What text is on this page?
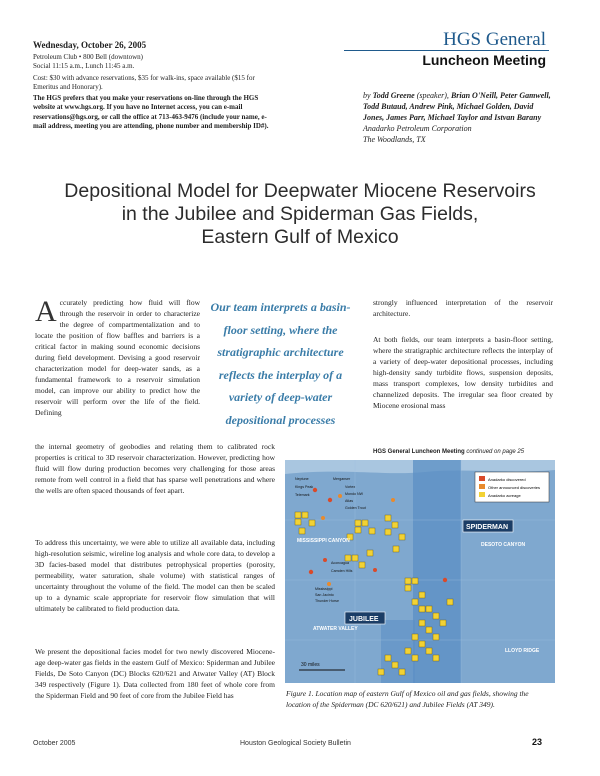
Wednesday, October 26, 2005
Petroleum Club • 800 Bell (downtown)
Social 11:15 a.m., Lunch 11:45 a.m.
Cost: $30 with advance reservations, $35 for walk-ins, space available ($15 for Emeritus and Honorary).
The HGS prefers that you make your reservations on-line through the HGS website at www.hgs.org. If you have no Internet access, you can e-mail reservations@hgs.org, or call the office at 713-463-9476 (include your name, e-mail address, meeting you are attending, phone number and membership ID#).
HGS General
Luncheon Meeting
by Todd Greene (speaker), Brian O'Neill, Peter Gamwell, Todd Butaud, Andrew Pink, Michael Golden, David Jones, James Parr, Michael Taylor and Istvan Barany
Anadarko Petroleum Corporation
The Woodlands, TX
Depositional Model for Deepwater Miocene Reservoirs
in the Jubilee and Spiderman Gas Fields,
Eastern Gulf of Mexico
Accurately predicting how fluid will flow through the reservoir in order to characterize the degree of compartmentalization and to locate the position of flow baffles and barriers is a critical factor in making sound economic decisions during field development. Devising a good reservoir characterization model for deep-water sands, as a fundamental framework to a reservoir simulation model, can improve our ability to predict how the reservoir will perform over the life of the field. Defining
Our team interprets a basin-floor setting, where the stratigraphic architecture reflects the interplay of a variety of deep-water depositional processes
strongly influenced interpretation of the reservoir architecture.
At both fields, our team interprets a basin-floor setting, where the stratigraphic architecture reflects the interplay of a variety of deep-water depositional processes, including high-density sandy turbidite flows, suspension deposits, mass transport complexes, low density turbidites and channelized deposits. The irregular sea floor created by Miocene erosional mass
HGS General Luncheon Meeting continued on page 25
the internal geometry of geobodies and relating them to calibrated rock properties is critical to 3D reservoir characterization. However, predicting how fluid will flow during production becomes very challenging for those areas remote from well control in a field that has sparse well penetrations and where the wells are often spaced thousands of feet apart.
To address this uncertainty, we were able to utilize all available data, including high-resolution seismic, wireline log analysis and whole core data, to develop a 3D facies-based model that distributes petrophysical properties (porosity, permeability, water saturation, shale volume) with statistical ranges of uncertainty throughout the volume of the field. The model can then be scaled up to a dynamic scale appropriate for reservoir flow simulation that will ultimately be calibrated to field production data.
We present the depositional facies model for two newly discovered Miocene-age deep-water gas fields in the eastern Gulf of Mexico: Spiderman and Jubilee Fields, De Soto Canyon (DC) Blocks 620/621 and Atwater Valley (AT) Block 349 respectively (Figure 1). Data collected from 180 feet of whole core from the Spiderman Field and 90 feet of core from the Jubilee Field has
Anadarko discovered
Other announced discoveries
Anadarko acreage
Merganser
Vortex
Mondo NW
Atlas
Golden Trout
Neptune
Kings Peak
Telemark
Aconcagua
Camden Hills
Mississippi
San Jacinto
Thunder Horse
MISSISSIPPI CANYON
DESOTO CANYON
ATWATER VALLEY
LLOYD RIDGE
SPIDERMAN
JUBILEE
30 miles
Figure 1. Location map of eastern Gulf of Mexico oil and gas fields, showing the location of the Spiderman (DC 620/621) and Jubilee Fields (AT 349).
October 2005	Houston Geological Society Bulletin	23
